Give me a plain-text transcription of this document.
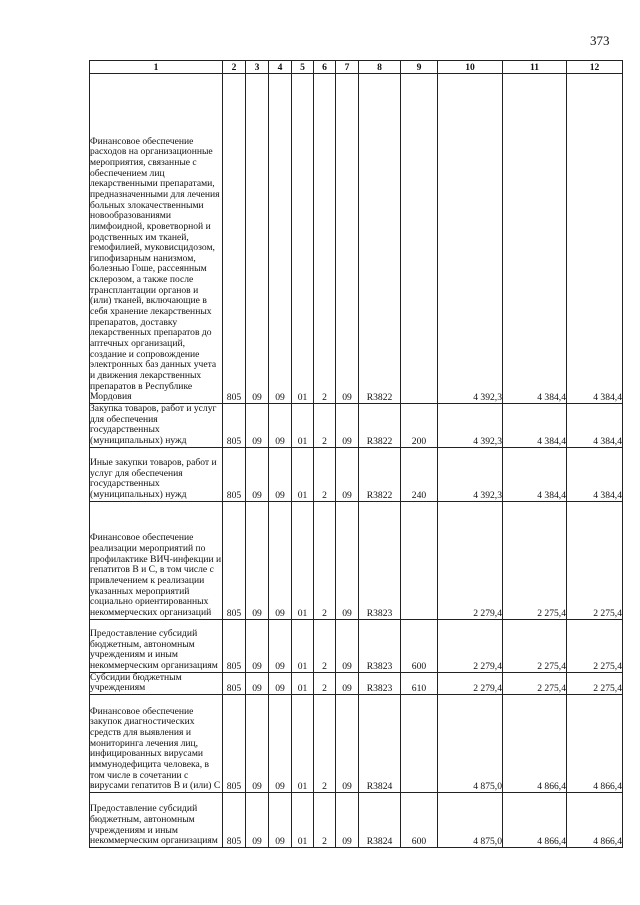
373
1	2	3	4	5	6	7	8	9	10	11	12

Финансовое обеспечение расходов на организационные мероприятия, связанные с обеспечением лиц лекарственными препаратами, предназначенными для лечения больных злокачественными новообразованиями лимфоидной, кроветворной и родственных им тканей, гемофилией, муковисцидозом, гипофизарным нанизмом, болезнью Гоше, рассеянным склерозом, а также после трансплантации органов и (или) тканей, включающие в себя хранение лекарственных препаратов, доставку лекарственных препаратов до аптечных организаций, создание и сопровождение электронных баз данных учета и движения лекарственных препаратов в Республике Мордовия	805	09	09	01	2	09	R3822		4 392,3	4 384,4	4 384,4

Закупка товаров, работ и услуг для обеспечения государственных (муниципальных) нужд	805	09	09	01	2	09	R3822	200	4 392,3	4 384,4	4 384,4

Иные закупки товаров, работ и услуг для обеспечения государственных (муниципальных) нужд	805	09	09	01	2	09	R3822	240	4 392,3	4 384,4	4 384,4

Финансовое обеспечение реализации мероприятий по профилактике ВИЧ-инфекции и гепатитов В и С, в том числе с привлечением к реализации указанных мероприятий социально ориентированных некоммерческих организаций	805	09	09	01	2	09	R3823		2 279,4	2 275,4	2 275,4

Предоставление субсидий бюджетным, автономным учреждениям и иным некоммерческим организациям	805	09	09	01	2	09	R3823	600	2 279,4	2 275,4	2 275,4

Субсидии бюджетным учреждениям	805	09	09	01	2	09	R3823	610	2 279,4	2 275,4	2 275,4

Финансовое обеспечение закупок диагностических средств для выявления и мониторинга лечения лиц, инфицированных вирусами иммунодефицита человека, в том числе в сочетании с вирусами гепатитов В и (или) С	805	09	09	01	2	09	R3824		4 875,0	4 866,4	4 866,4

Предоставление субсидий бюджетным, автономным учреждениям и иным некоммерческим организациям	805	09	09	01	2	09	R3824	600	4 875,0	4 866,4	4 866,4
